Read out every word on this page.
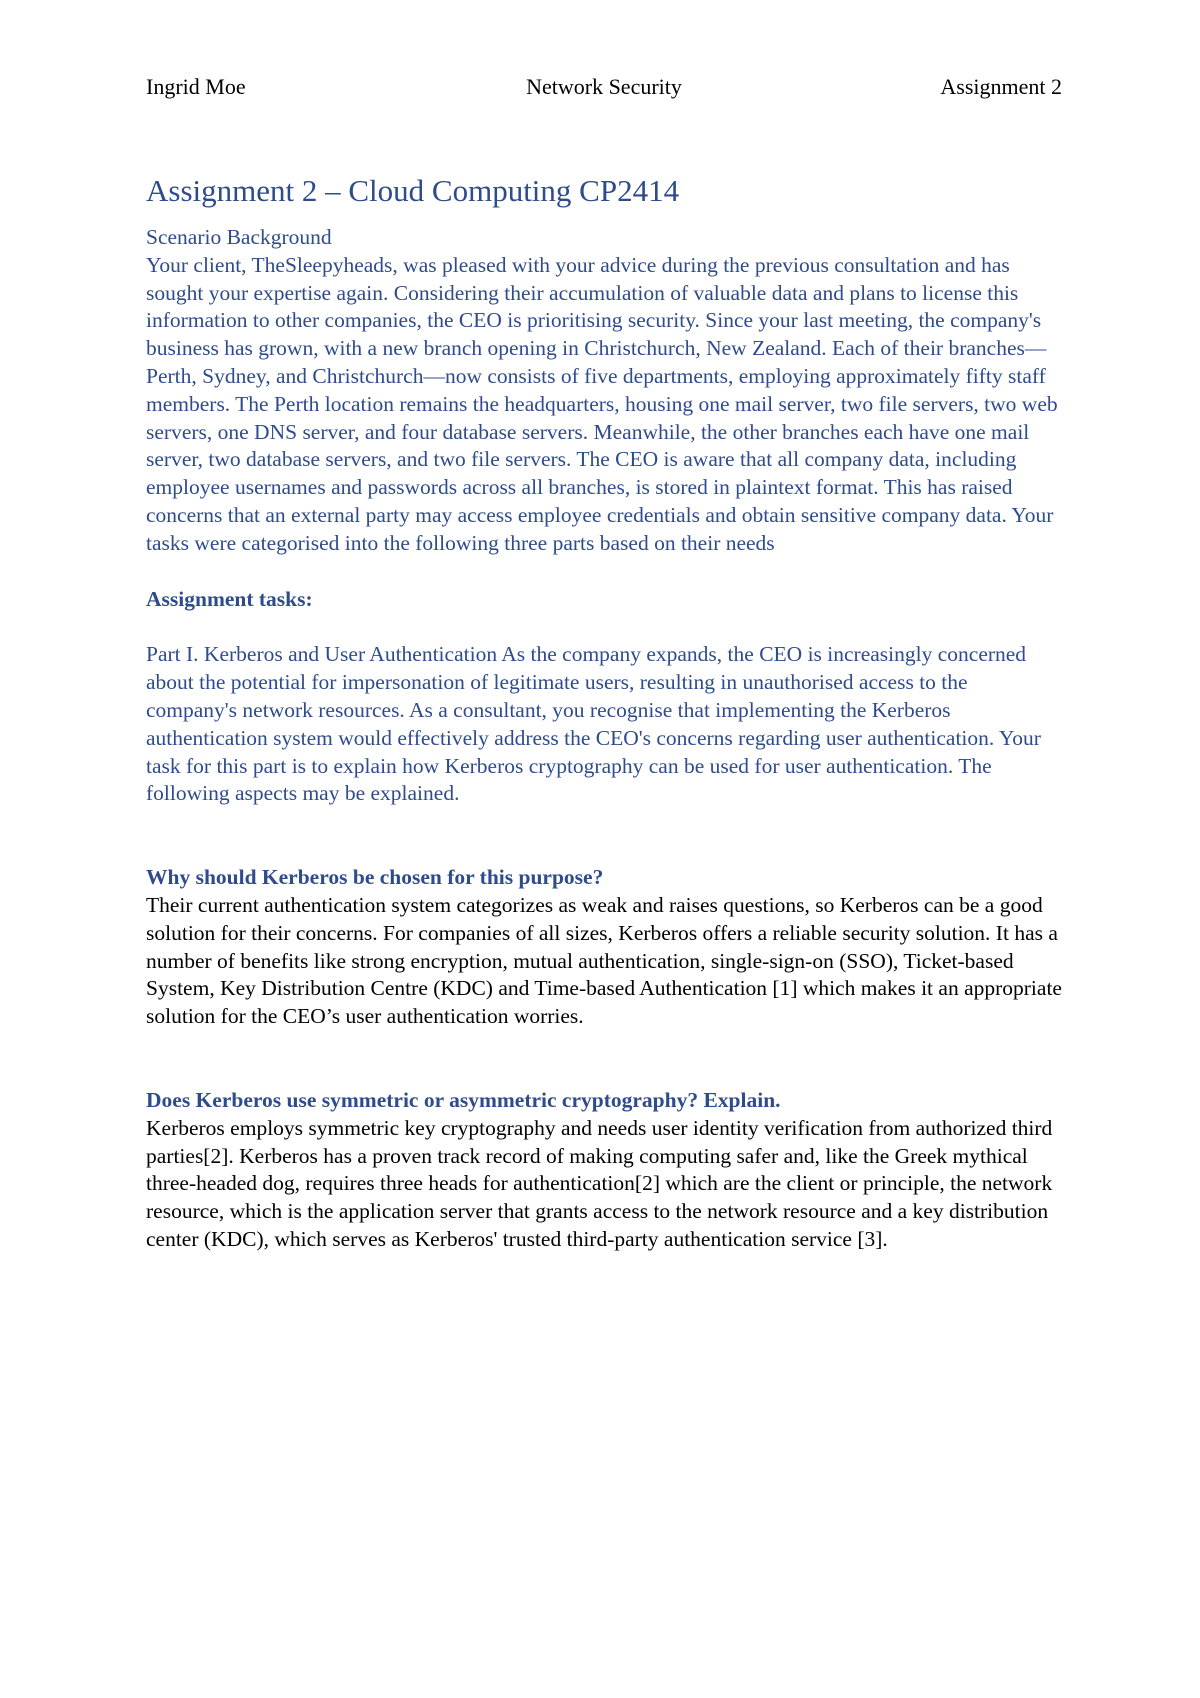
Ingrid Moe	Network Security	Assignment 2
Assignment 2 – Cloud Computing CP2414

Scenario Background

Your client, TheSleepyheads, was pleased with your advice during the previous consultation and has sought your expertise again. Considering their accumulation of valuable data and plans to license this information to other companies, the CEO is prioritising security. Since your last meeting, the company's business has grown, with a new branch opening in Christchurch, New Zealand. Each of their branches—Perth, Sydney, and Christchurch—now consists of five departments, employing approximately fifty staff members. The Perth location remains the headquarters, housing one mail server, two file servers, two web servers, one DNS server, and four database servers. Meanwhile, the other branches each have one mail server, two database servers, and two file servers. The CEO is aware that all company data, including employee usernames and passwords across all branches, is stored in plaintext format. This has raised concerns that an external party may access employee credentials and obtain sensitive company data. Your tasks were categorised into the following three parts based on their needs

Assignment tasks:

Part I. Kerberos and User Authentication As the company expands, the CEO is increasingly concerned about the potential for impersonation of legitimate users, resulting in unauthorised access to the company's network resources. As a consultant, you recognise that implementing the Kerberos authentication system would effectively address the CEO's concerns regarding user authentication. Your task for this part is to explain how Kerberos cryptography can be used for user authentication. The following aspects may be explained.

Why should Kerberos be chosen for this purpose?

Their current authentication system categorizes as weak and raises questions, so Kerberos can be a good solution for their concerns. For companies of all sizes, Kerberos offers a reliable security solution. It has a number of benefits like strong encryption, mutual authentication, single-sign-on (SSO), Ticket-based System, Key Distribution Centre (KDC) and Time-based Authentication [1] which makes it an appropriate solution for the CEO’s user authentication worries.

Does Kerberos use symmetric or asymmetric cryptography? Explain.

Kerberos employs symmetric key cryptography and needs user identity verification from authorized third parties[2]. Kerberos has a proven track record of making computing safer and, like the Greek mythical three-headed dog, requires three heads for authentication[2] which are the client or principle, the network resource, which is the application server that grants access to the network resource and a key distribution center (KDC), which serves as Kerberos' trusted third-party authentication service [3].
